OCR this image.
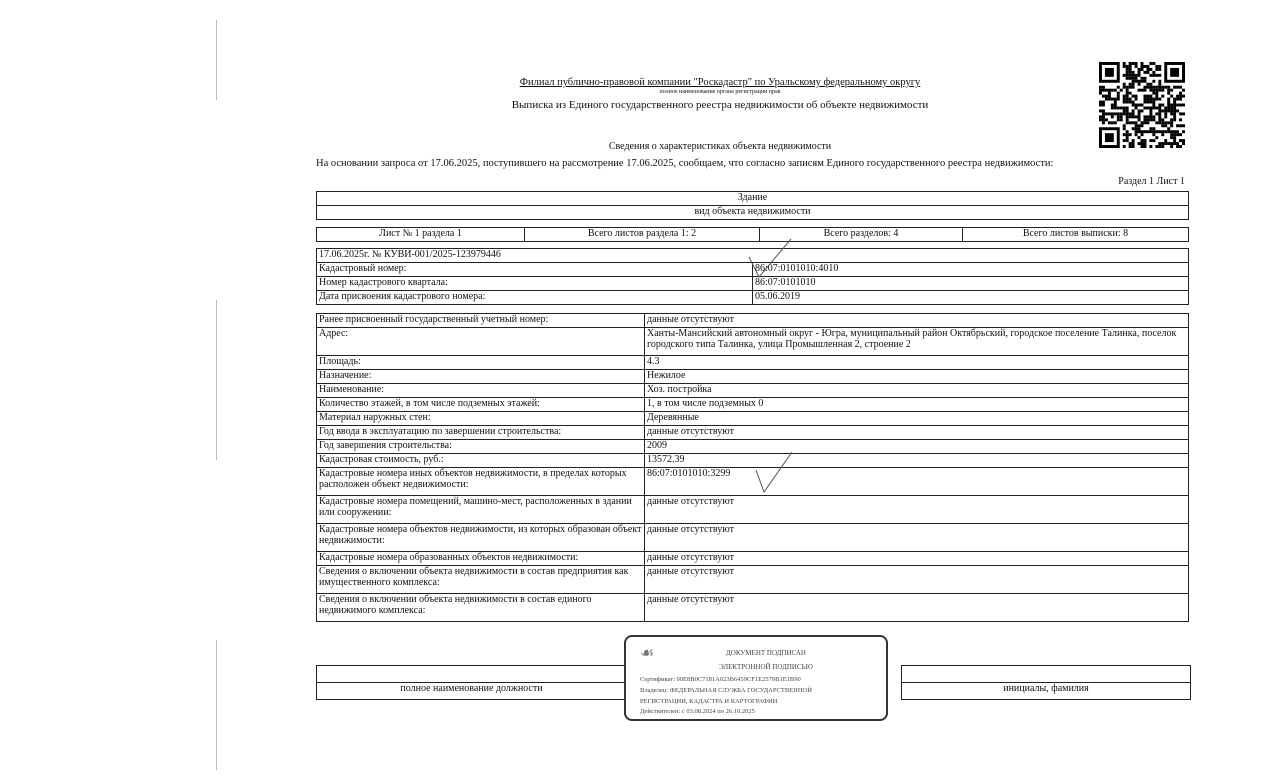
Филиал публично-правовой компании "Роскадастр" по Уральскому федеральному округу
полное наименование органа регистрации прав
Выписка из Единого государственного реестра недвижимости об объекте недвижимости
Сведения о характеристиках объекта недвижимости
На основании запроса от 17.06.2025, поступившего на рассмотрение 17.06.2025, сообщаем, что согласно записям Единого государственного реестра недвижимости:
Раздел 1 Лист 1
Здание
вид объекта недвижимости
Лист № 1 раздела 1	Всего листов раздела 1: 2	Всего разделов: 4	Всего листов выписки: 8
17.06.2025г. № КУВИ-001/2025-123979446	
Кадастровый номер:	86:07:0101010:4010
Номер кадастрового квартала:	86:07:0101010
Дата присвоения кадастрового номера:	05.06.2019
Ранее присвоенный государственный учетный номер:	данные отсутствуют
Адрес:	Ханты-Мансийский автономный округ - Югра, муниципальный район Октябрьский, городское поселение Талинка, поселок городского типа Талинка, улица Промышленная 2, строение 2
Площадь:	4.3
Назначение:	Нежилое
Наименование:	Хоз. постройка
Количество этажей, в том числе подземных этажей:	1, в том числе подземных 0
Материал наружных стен:	Деревянные
Год ввода в эксплуатацию по завершении строительства:	данные отсутствуют
Год завершения строительства:	2009
Кадастровая стоимость, руб.:	13572.39
Кадастровые номера иных объектов недвижимости, в пределах которых расположен объект недвижимости:	86:07:0101010:3299
Кадастровые номера помещений, машино-мест, расположенных в здании или сооружении:	данные отсутствуют
Кадастровые номера объектов недвижимости, из которых образован объект недвижимости:	данные отсутствуют
Кадастровые номера образованных объектов недвижимости:	данные отсутствуют
Сведения о включении объекта недвижимости в состав предприятия как имущественного комплекса:	данные отсутствуют
Сведения о включении объекта недвижимости в состав единого недвижимого комплекса:	данные отсутствуют

полное наименование должности		инициалы, фамилия
☙	ДОКУМЕНТ ПОДПИСАН
ЭЛЕКТРОННОЙ ПОДПИСЬЮ
Сертификат: 00E8B0C7181A023B6459CF1E2579B1E1B90
Владелец: ФЕДЕРАЛЬНАЯ СЛУЖБА ГОСУДАРСТВЕННОЙ
РЕГИСТРАЦИИ, КАДАСТРА И КАРТОГРАФИИ
Действителен: с 03.08.2024 по 26.10.2025
